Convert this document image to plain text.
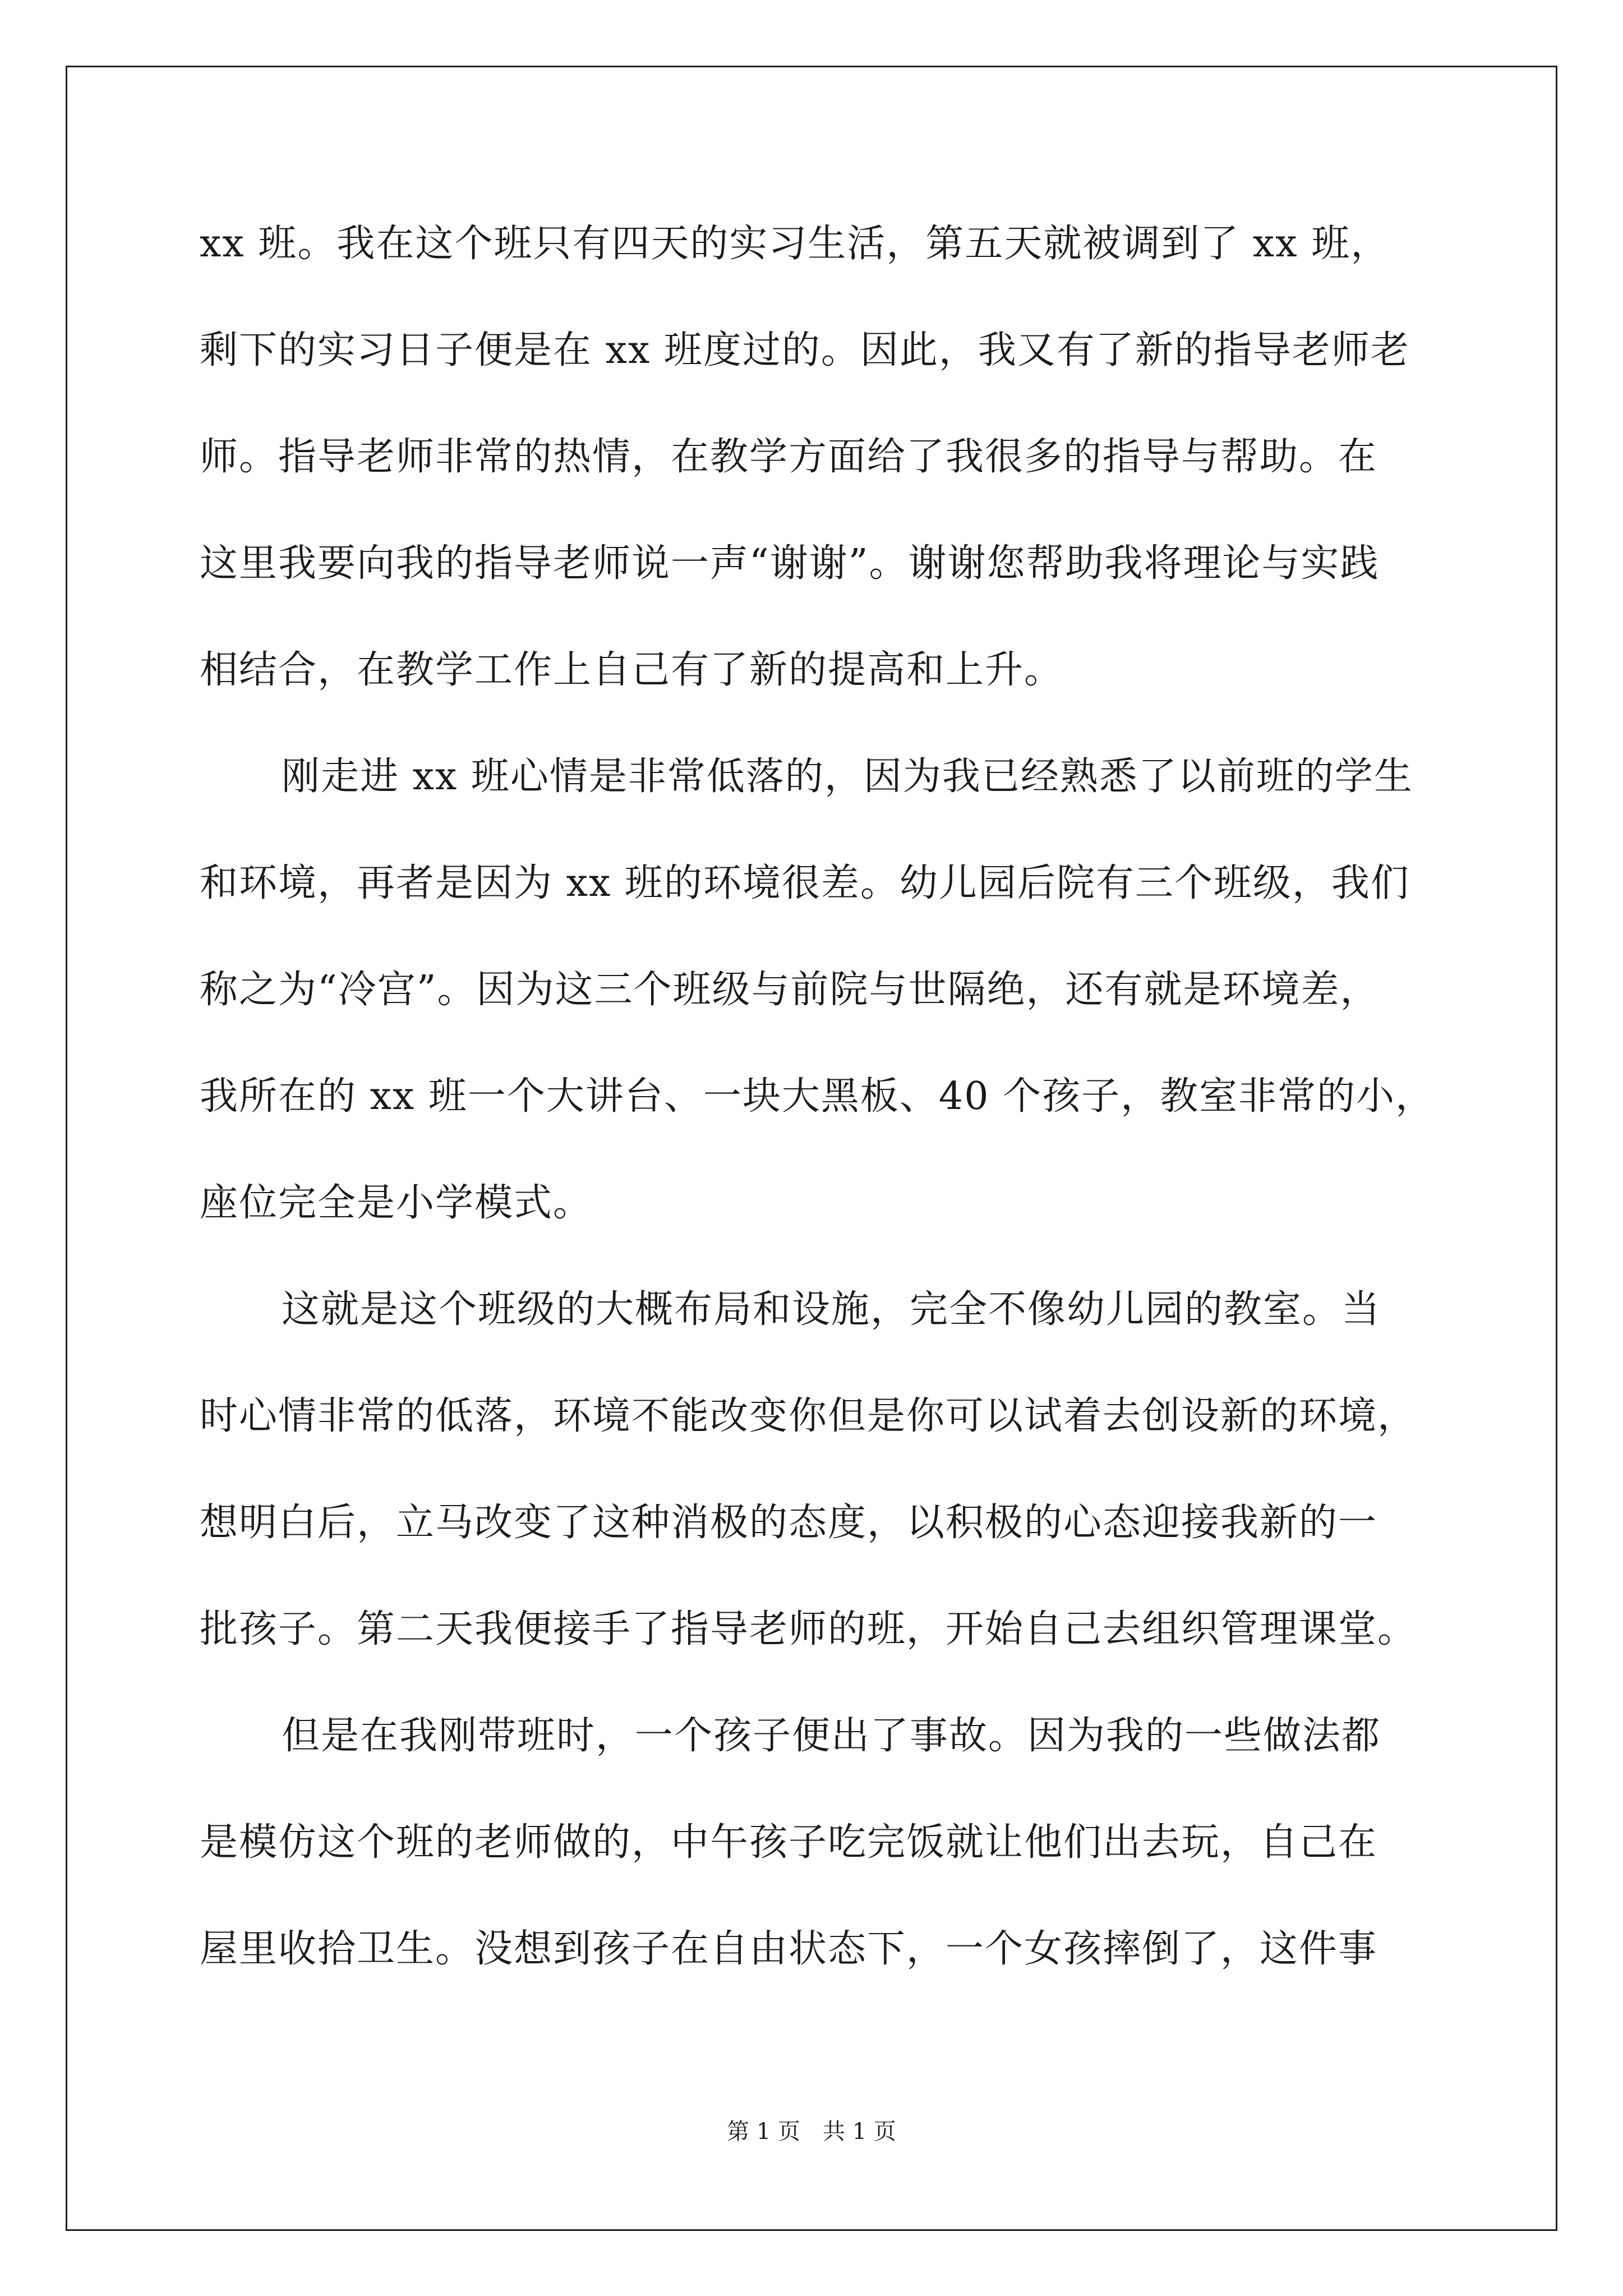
xx 班。我在这个班只有四天的实习生活，第五天就被调到了 xx 班，
剩下的实习日子便是在 xx 班度过的。因此，我又有了新的指导老师老
师。指导老师非常的热情，在教学方面给了我很多的指导与帮助。在
这里我要向我的指导老师说一声“谢谢”。谢谢您帮助我将理论与实践
相结合，在教学工作上自己有了新的提高和上升。
刚走进 xx 班心情是非常低落的，因为我已经熟悉了以前班的学生
和环境，再者是因为 xx 班的环境很差。幼儿园后院有三个班级，我们
称之为“冷宫”。因为这三个班级与前院与世隔绝，还有就是环境差，
我所在的 xx 班一个大讲台、一块大黑板、40 个孩子，教室非常的小，
座位完全是小学模式。
这就是这个班级的大概布局和设施，完全不像幼儿园的教室。当
时心情非常的低落，环境不能改变你但是你可以试着去创设新的环境，
想明白后，立马改变了这种消极的态度，以积极的心态迎接我新的一
批孩子。第二天我便接手了指导老师的班，开始自己去组织管理课堂。
但是在我刚带班时，一个孩子便出了事故。因为我的一些做法都
是模仿这个班的老师做的，中午孩子吃完饭就让他们出去玩，自己在
屋里收拾卫生。没想到孩子在自由状态下，一个女孩摔倒了，这件事
第 1 页　共 1 页
